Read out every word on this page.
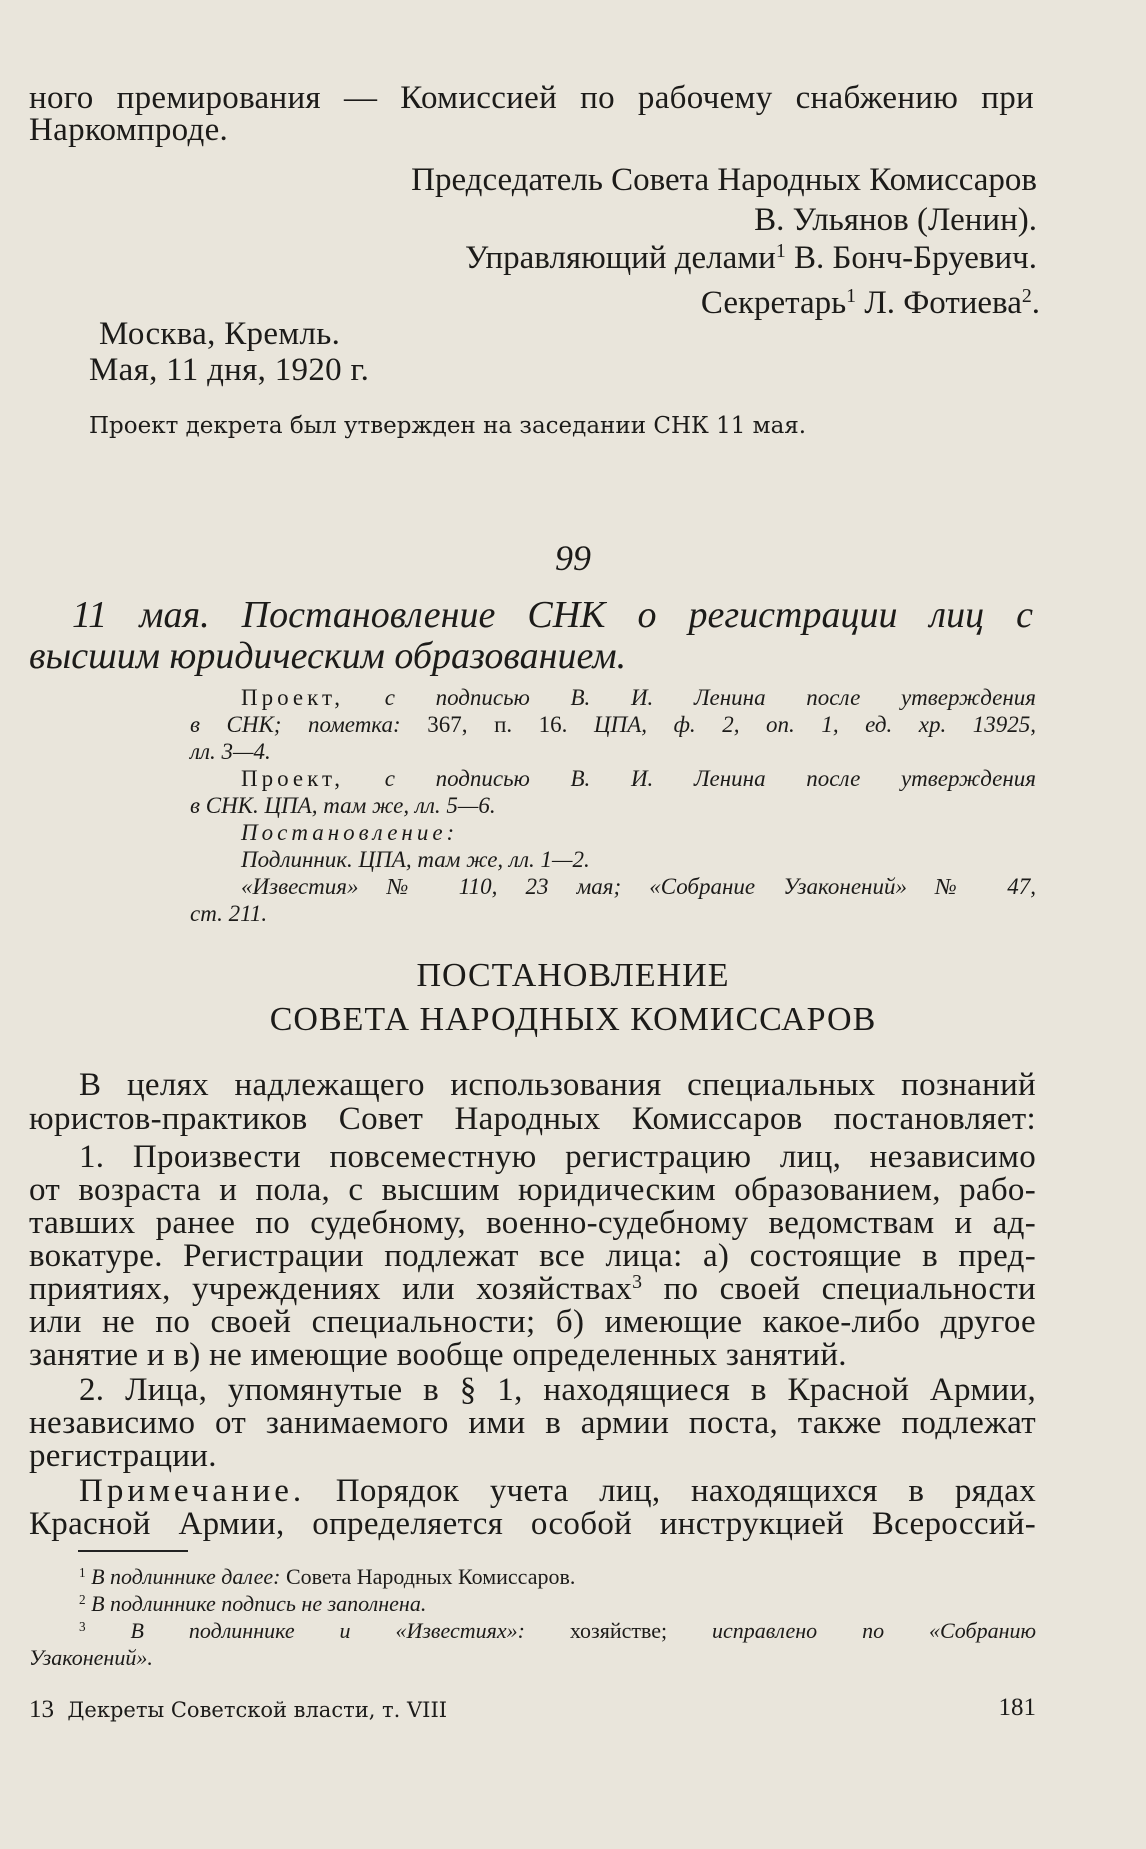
ного премирования — Комиссией по рабочему снабжению при

Наркомпроде.

Председатель Совета Народных Комиссаров

В. Ульянов (Ленин).

Управляющий делами$^1$ В. Бонч-Бруевич.

Секретарь$^1$ Л. Фотиева$^2$.

Москва, Кремль.

Мая, 11 дня, 1920 г.

Проект декрета был утвержден на заседании СНК 11 мая.

99

11 мая. Постановление СНК о регистрации лиц с

высшим юридическим образованием.

Проект, с подписью В. И. Ленина после утверждения

в СНК; пометка: 367, п. 16. ЦПА, ф. 2, оп. 1, ед. хр. 13925,

лл. 3—4.

Проект, с подписью В. И. Ленина после утверждения

в СНК. ЦПА, там же, лл. 5—6.

Постановление:

Подлинник. ЦПА, там же, лл. 1—2.

«Известия» № 110, 23 мая; «Собрание Узаконений» № 47,

ст. 211.

ПОСТАНОВЛЕНИЕ

СОВЕТА НАРОДНЫХ КОМИССАРОВ

В целях надлежащего использования специальных познаний

юристов-практиков Совет Народных Комиссаров постановляет:

1. Произвести повсеместную регистрацию лиц, независимо

от возраста и пола, с высшим юридическим образованием, рабо-

тавших ранее по судебному, военно-судебному ведомствам и ад-

вокатуре. Регистрации подлежат все лица: а) состоящие в пред-

приятиях, учреждениях или хозяйствах$^3$ по своей специальности

или не по своей специальности; б) имеющие какое-либо другое

занятие и в) не имеющие вообще определенных занятий.

2. Лица, упомянутые в § 1, находящиеся в Красной Армии,

независимо от занимаемого ими в армии поста, также подлежат

регистрации.

Примечание. Порядок учета лиц, находящихся в рядах

Красной Армии, определяется особой инструкцией Всероссий-

$^1$ В подлиннике далее: Совета Народных Комиссаров.

$^2$ В подлиннике подпись не заполнена.

$^3$ В подлиннике и «Известиях»: хозяйстве; исправлено по «Собранию

Узаконений».

13 Декреты Советской власти, т. VIII	181
